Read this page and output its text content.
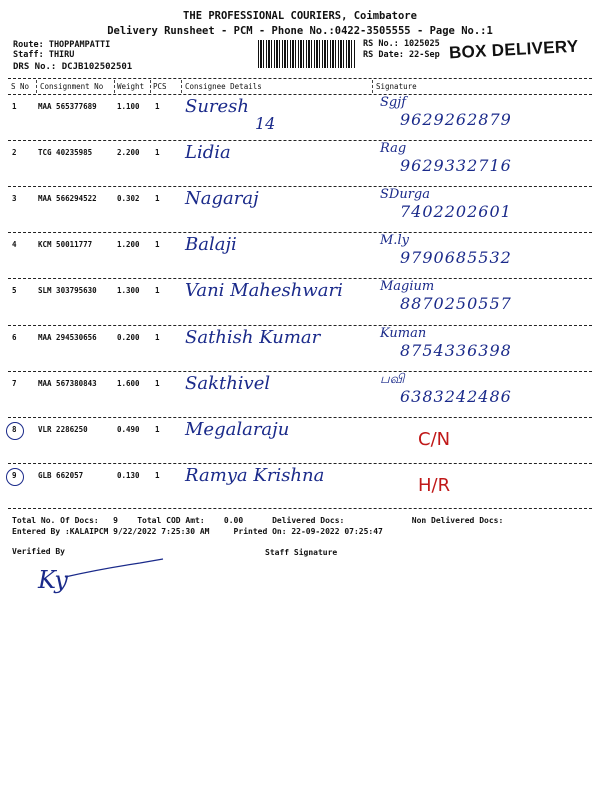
THE PROFESSIONAL COURIERS, Coimbatore
Delivery Runsheet - PCM - Phone No.:0422-3505555 - Page No.:1
Route: THOPPAMPATTI
Staff: THIRU
DRS No.: DCJB102502501
RS No.: 1025025
RS Date: 22-Sep BOX DELIVERY
S No Consignment No Weight PCS Consignee Details	Signature
1	MAA 565377689	1.100 1 Suresh
14
Sgjf
9629262879
2	TCG 40235985	2.200 1 Lidia	Rag
9629332716
3	MAA 566294522	0.302 1 Nagaraj	SDurga
7402202601
4	KCM 50011777	1.200 1 Balaji	M.ly
9790685532
5	SLM 303795630	1.300 1 Vani Maheshwari	Magium
8870250557
6	MAA 294530656	0.200 1 Sathish Kumar	Kuman
8754336398
7	MAA 567380843	1.600 1 Sakthivel	பவி
6383242486
8	VLR 2286250	0.490 1 Megalaraju	C/N
9	GLB 662057	0.130 1 Ramya Krishna	H/R
Total No. Of Docs:   9    Total COD Amt:    0.00      Delivered Docs:              Non Delivered Docs:
Entered By :KALAIPCM 9/22/2022 7:25:30 AM     Printed On: 22-09-2022 07:25:47
Verified By	Staff Signature
Ky
